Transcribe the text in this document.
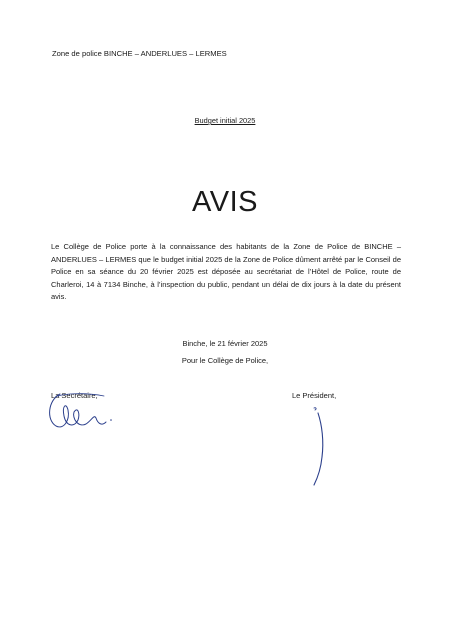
Zone de police BINCHE – ANDERLUES – LERMES
Budget initial 2025
AVIS
Le Collège de Police porte à la connaissance des habitants de la Zone de Police de BINCHE – ANDERLUES – LERMES que le budget initial 2025 de la Zone de Police dûment arrêté par le Conseil de Police en sa séance du 20 février 2025 est déposée au secrétariat de l’Hôtel de Police, route de Charleroi, 14 à 7134 Binche, à l’inspection du public, pendant un délai de dix jours à la date du présent avis.
Binche, le 21 février 2025
Pour le Collège de Police,
La Secrétaire,	Le Président,
